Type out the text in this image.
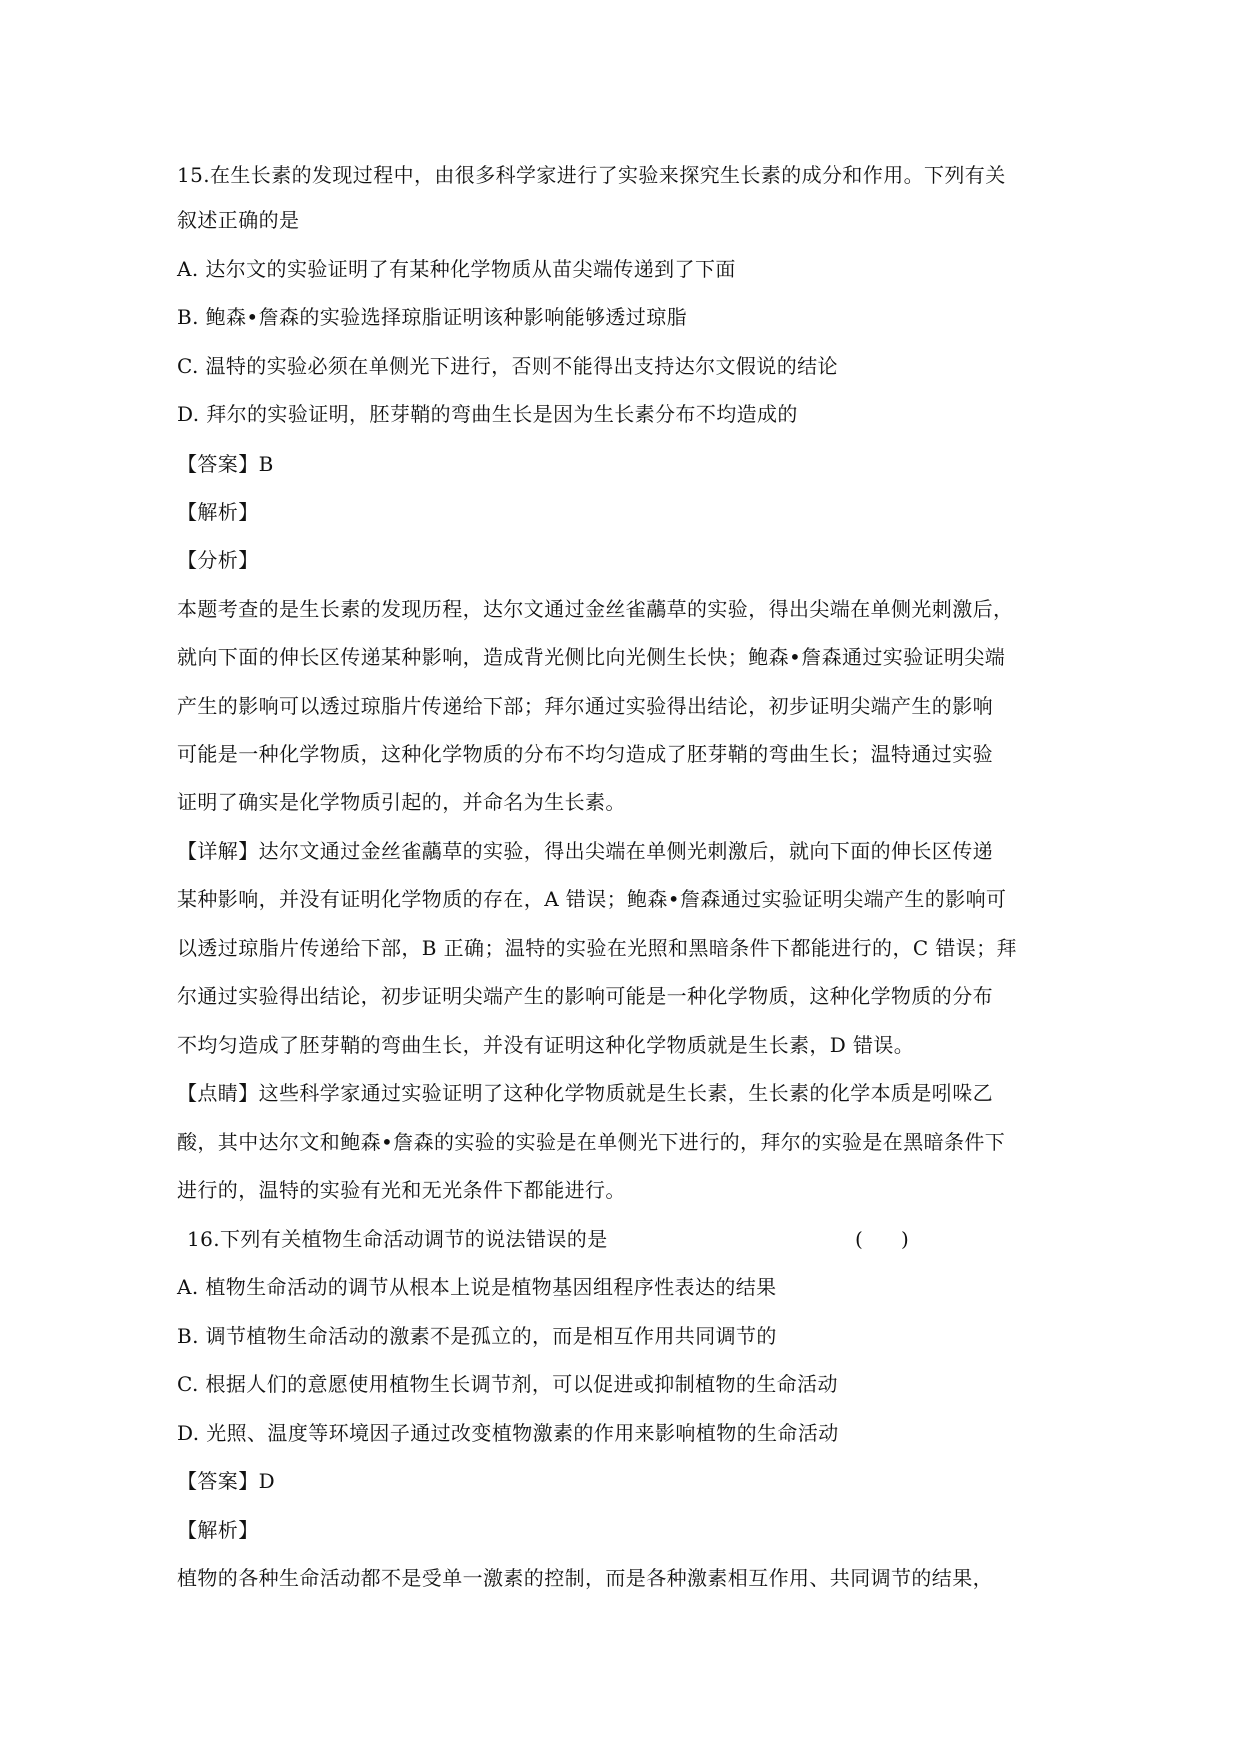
15.在生长素的发现过程中，由很多科学家进行了实验来探究生长素的成分和作用。下列有关
叙述正确的是
A. 达尔文的实验证明了有某种化学物质从苗尖端传递到了下面
B. 鲍森•詹森的实验选择琼脂证明该种影响能够透过琼脂
C. 温特的实验必须在单侧光下进行，否则不能得出支持达尔文假说的结论
D. 拜尔的实验证明，胚芽鞘的弯曲生长是因为生长素分布不均造成的
【答案】B
【解析】
【分析】
本题考查的是生长素的发现历程，达尔文通过金丝雀虉草的实验，得出尖端在单侧光刺激后，
就向下面的伸长区传递某种影响，造成背光侧比向光侧生长快；鲍森•詹森通过实验证明尖端
产生的影响可以透过琼脂片传递给下部；拜尔通过实验得出结论，初步证明尖端产生的影响
可能是一种化学物质，这种化学物质的分布不均匀造成了胚芽鞘的弯曲生长；温特通过实验
证明了确实是化学物质引起的，并命名为生长素。
【详解】达尔文通过金丝雀虉草的实验，得出尖端在单侧光刺激后，就向下面的伸长区传递
某种影响，并没有证明化学物质的存在，A 错误；鲍森•詹森通过实验证明尖端产生的影响可
以透过琼脂片传递给下部，B 正确；温特的实验在光照和黑暗条件下都能进行的，C 错误；拜
尔通过实验得出结论，初步证明尖端产生的影响可能是一种化学物质，这种化学物质的分布
不均匀造成了胚芽鞘的弯曲生长，并没有证明这种化学物质就是生长素，D 错误。
【点睛】这些科学家通过实验证明了这种化学物质就是生长素，生长素的化学本质是吲哚乙
酸，其中达尔文和鲍森•詹森的实验的实验是在单侧光下进行的，拜尔的实验是在黑暗条件下
进行的，温特的实验有光和无光条件下都能进行。
16.下列有关植物生命活动调节的说法错误的是	(      )
A. 植物生命活动的调节从根本上说是植物基因组程序性表达的结果
B. 调节植物生命活动的激素不是孤立的，而是相互作用共同调节的
C. 根据人们的意愿使用植物生长调节剂，可以促进或抑制植物的生命活动
D. 光照、温度等环境因子通过改变植物激素的作用来影响植物的生命活动
【答案】D
【解析】
植物的各种生命活动都不是受单一激素的控制，而是各种激素相互作用、共同调节的结果，
